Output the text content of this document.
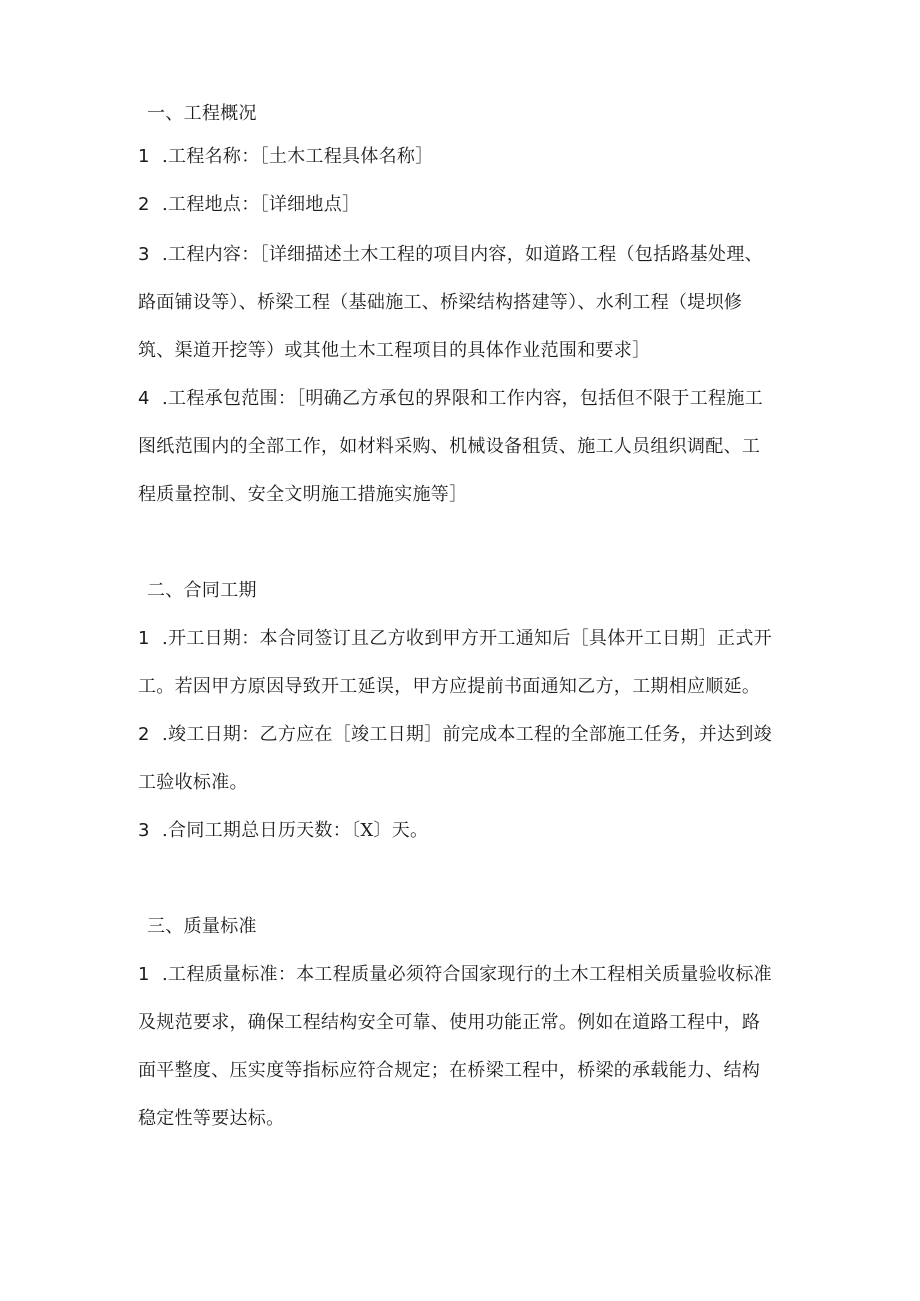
一、工程概况
1 .工程名称：［土木工程具体名称］
2 .工程地点：［详细地点］
3 .工程内容：［详细描述土木工程的项目内容，如道路工程（包括路基处理、
路面铺设等）、桥梁工程（基础施工、桥梁结构搭建等）、水利工程（堤坝修
筑、渠道开挖等）或其他土木工程项目的具体作业范围和要求］
4 .工程承包范围：［明确乙方承包的界限和工作内容，包括但不限于工程施工
图纸范围内的全部工作，如材料采购、机械设备租赁、施工人员组织调配、工
程质量控制、安全文明施工措施实施等］
二、合同工期
1 .开工日期：本合同签订且乙方收到甲方开工通知后［具体开工日期］正式开
工。若因甲方原因导致开工延误，甲方应提前书面通知乙方，工期相应顺延。
2 .竣工日期：乙方应在［竣工日期］前完成本工程的全部施工任务，并达到竣
工验收标准。
3 .合同工期总日历天数：〔X〕天。
三、质量标准
1 .工程质量标准：本工程质量必须符合国家现行的土木工程相关质量验收标准
及规范要求，确保工程结构安全可靠、使用功能正常。例如在道路工程中，路
面平整度、压实度等指标应符合规定；在桥梁工程中，桥梁的承载能力、结构
稳定性等要达标。
